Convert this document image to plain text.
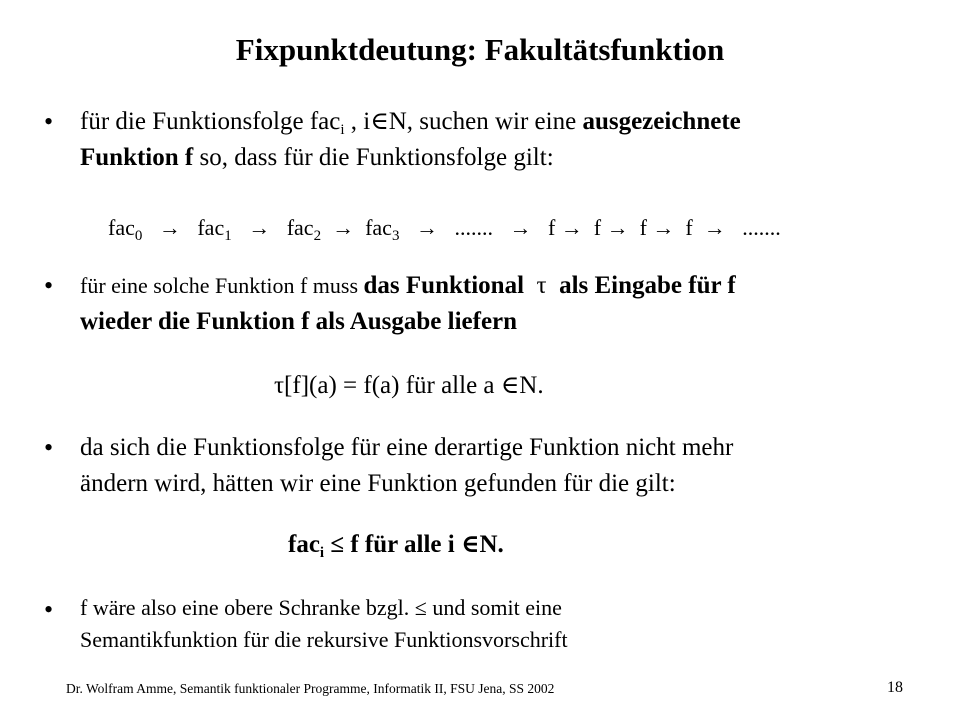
Fixpunktdeutung: Fakultätsfunktion
• für die Funktionsfolge fac$_i$ , i∈N, suchen wir eine ausgezeichnete
Funktion f so, dass für die Funktionsfolge gilt:
fac$_0$ → fac$_1$ → fac$_2$ → fac$_3$ → ....... → f → f → f → f → .......
• für eine solche Funktion f muss das Funktional τ als Eingabe für f
wieder die Funktion f als Ausgabe liefern
τ[f](a) = f(a) für alle a ∈N.
• da sich die Funktionsfolge für eine derartige Funktion nicht mehr
ändern wird, hätten wir eine Funktion gefunden für die gilt:
fac$_i$ ≤ f für alle i ∈N.
• f wäre also eine obere Schranke bzgl. ≤ und somit eine
Semantikfunktion für die rekursive Funktionsvorschrift
Dr. Wolfram Amme, Semantik funktionaler Programme, Informatik II, FSU Jena, SS 2002	18
